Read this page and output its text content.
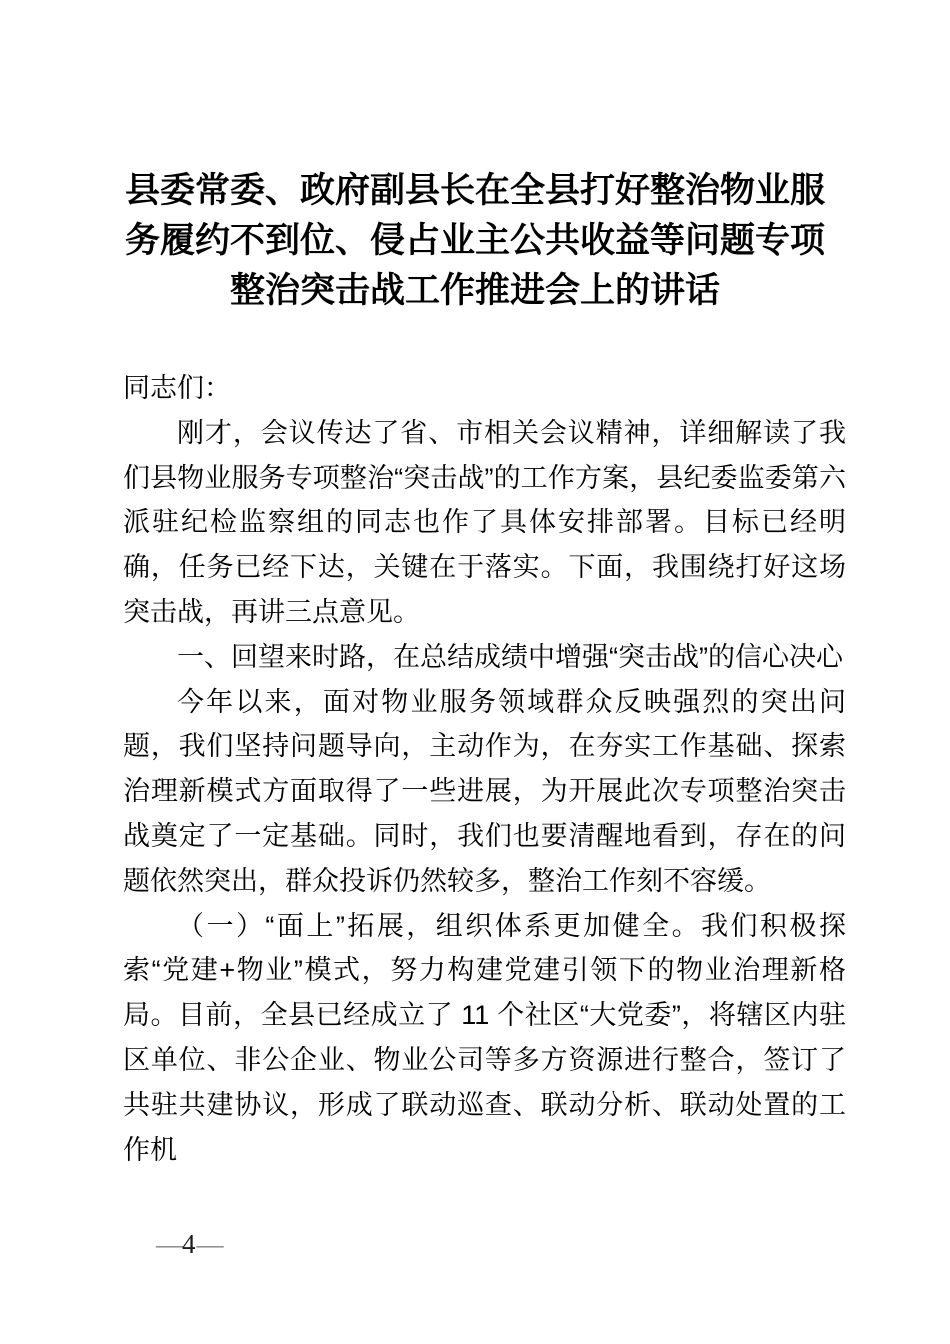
县委常委、政府副县长在全县打好整治物业服
务履约不到位、侵占业主公共收益等问题专项
整治突击战工作推进会上的讲话

同志们：

刚才，会议传达了省、市相关会议精神，详细解读了我们县物业服务专项整治“突击战”的工作方案，县纪委监委第六派驻纪检监察组的同志也作了具体安排部署。目标已经明确，任务已经下达，关键在于落实。下面，我围绕打好这场突击战，再讲三点意见。

一、回望来时路，在总结成绩中增强“突击战”的信心决心

今年以来，面对物业服务领域群众反映强烈的突出问题，我们坚持问题导向，主动作为，在夯实工作基础、探索治理新模式方面取得了一些进展，为开展此次专项整治突击战奠定了一定基础。同时，我们也要清醒地看到，存在的问题依然突出，群众投诉仍然较多，整治工作刻不容缓。

（一）“面上”拓展，组织体系更加健全。我们积极探索“党建+物业”模式，努力构建党建引领下的物业治理新格局。目前，全县已经成立了 11 个社区“大党委”，将辖区内驻区单位、非公企业、物业公司等多方资源进行整合，签订了共驻共建协议，形成了联动巡查、联动分析、联动处置的工作机

—4—
